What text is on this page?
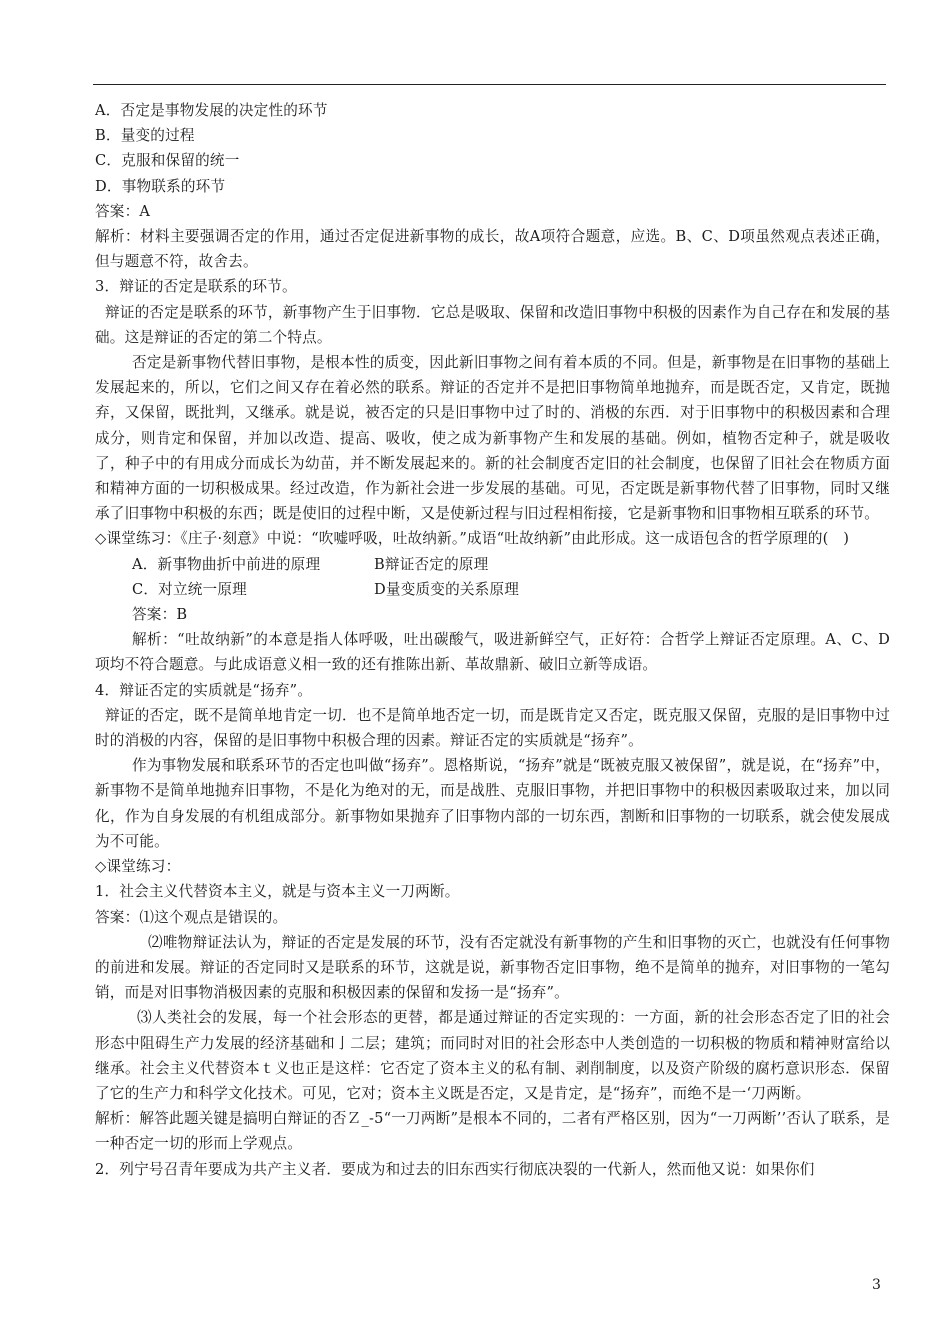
A．否定是事物发展的决定性的环节

B．量变的过程

C．克服和保留的统一

D．事物联系的环节

答案：A

解析：材料主要强调否定的作用，通过否定促进新事物的成长，故A项符合题意，应选。B、C、D项虽然观点表述正确，但与题意不符，故舍去。

3．辩证的否定是联系的环节。

辩证的否定是联系的环节，新事物产生于旧事物．它总是吸取、保留和改造旧事物中积极的因素作为自己存在和发展的基础。这是辩证的否定的第二个特点。

否定是新事物代替旧事物，是根本性的质变，因此新旧事物之间有着本质的不同。但是，新事物是在旧事物的基础上发展起来的，所以，它们之间又存在着必然的联系。辩证的否定并不是把旧事物简单地抛弃，而是既否定，又肯定，既抛弃，又保留，既批判，又继承。就是说，被否定的只是旧事物中过了时的、消极的东西．对于旧事物中的积极因素和合理成分，则肯定和保留，并加以改造、提高、吸收，使之成为新事物产生和发展的基础。例如，植物否定种子，就是吸收了，种子中的有用成分而成长为幼苗，并不断发展起来的。新的社会制度否定旧的社会制度，也保留了旧社会在物质方面和精神方面的一切积极成果。经过改造，作为新社会进一步发展的基础。可见，否定既是新事物代替了旧事物，同时又继承了旧事物中积极的东西；既是使旧的过程中断，又是使新过程与旧过程相衔接，它是新事物和旧事物相互联系的环节。

◇课堂练习：《庄子·刻意》中说：“吹嘘呼吸，吐故纳新。”成语“吐故纳新”由此形成。这一成语包含的哲学原理的(　)

A．新事物曲折中前进的原理	B辩证否定的原理
C．对立统一原理	D量变质变的关系原理

答案：B

解析：“吐故纳新”的本意是指人体呼吸，吐出碳酸气，吸进新鲜空气，正好符：合哲学上辩证否定原理。A、C、D项均不符合题意。与此成语意义相一致的还有推陈出新、革故鼎新、破旧立新等成语。

4．辩证否定的实质就是“扬弃”。

辩证的否定，既不是简单地肯定一切．也不是简单地否定一切，而是既肯定又否定，既克服又保留，克服的是旧事物中过时的消极的内容，保留的是旧事物中积极合理的因素。辩证否定的实质就是“扬弃”。

作为事物发展和联系环节的否定也叫做“扬弃”。恩格斯说，“扬弃”就是“既被克服又被保留”，就是说，在“扬弃”中，新事物不是简单地抛弃旧事物，不是化为绝对的无，而是战胜、克服旧事物，并把旧事物中的积极因素吸取过来，加以同化，作为自身发展的有机组成部分。新事物如果抛弃了旧事物内部的一切东西，割断和旧事物的一切联系，就会使发展成为不可能。

◇课堂练习：

1．社会主义代替资本主义，就是与资本主义一刀两断。

答案：⑴这个观点是错误的。

⑵唯物辩证法认为，辩证的否定是发展的环节，没有否定就没有新事物的产生和旧事物的灭亡，也就没有任何事物的前进和发展。辩证的否定同时又是联系的环节，这就是说，新事物否定旧事物，绝不是简单的抛弃，对旧事物的一笔勾销，而是对旧事物消极因素的克服和积极因素的保留和发扬一是“扬弃”。

⑶人类社会的发展，每一个社会形态的更替，都是通过辩证的否定实现的：一方面，新的社会形态否定了旧的社会形态中阻碍生产力发展的经济基础和亅二层；建筑；而同时对旧的社会形态中人类创造的一切积极的物质和精神财富给以继承。社会主义代替资本ｔ义也正是这样：它否定了资本主义的私有制、剥削制度，以及资产阶级的腐朽意识形态．保留了它的生产力和科学文化技术。可见，它对；资本主义既是否定，又是肯定，是“扬弃”，而绝不是一‘刀两断。

解析：解答此题关键是搞明白辩证的否Ｚ_-5“一刀两断”是根本不同的，二者有严格区别，因为“一刀两断’’否认了联系，是一种否定一切的形而上学观点。

2．列宁号召青年要成为共产主义者．要成为和过去的旧东西实行彻底决裂的一代新人，然而他又说：如果你们

3
